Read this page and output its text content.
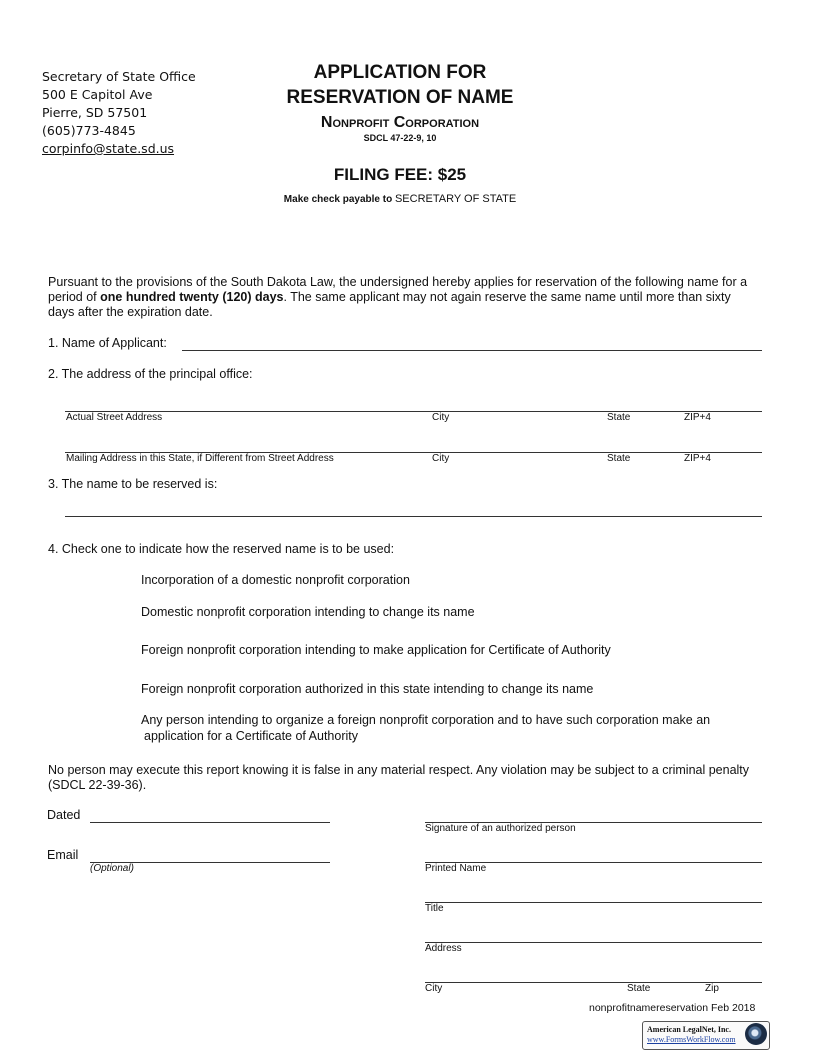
Secretary of State Office
500 E Capitol Ave
Pierre, SD 57501
(605)773-4845
corpinfo@state.sd.us
APPLICATION FOR
RESERVATION OF NAME
Nonprofit Corporation
SDCL 47-22-9, 10
FILING FEE: $25
Make check payable to SECRETARY OF STATE
Pursuant to the provisions of the South Dakota Law, the undersigned hereby applies for reservation of the following name for a period of one hundred twenty (120) days. The same applicant may not again reserve the same name until more than sixty days after the expiration date.
1. Name of Applicant:
2. The address of the principal office:
Actual Street Address	City	State	ZIP+4
Mailing Address in this State, if Different from Street Address	City	State	ZIP+4
3. The name to be reserved is:
4. Check one to indicate how the reserved name is to be used:
Incorporation of a domestic nonprofit corporation
Domestic nonprofit corporation intending to change its name
Foreign nonprofit corporation intending to make application for Certificate of Authority
Foreign nonprofit corporation authorized in this state intending to change its name
Any person intending to organize a foreign nonprofit corporation and to have such corporation make an
application for a Certificate of Authority
No person may execute this report knowing it is false in any material respect. Any violation may be subject to a criminal penalty (SDCL 22-39-36).
Dated
Email
(Optional)
Signature of an authorized person
Printed Name
Title
Address
City	State	Zip
nonprofitnamereservation Feb 2018
American LegalNet, Inc.
www.FormsWorkFlow.com
